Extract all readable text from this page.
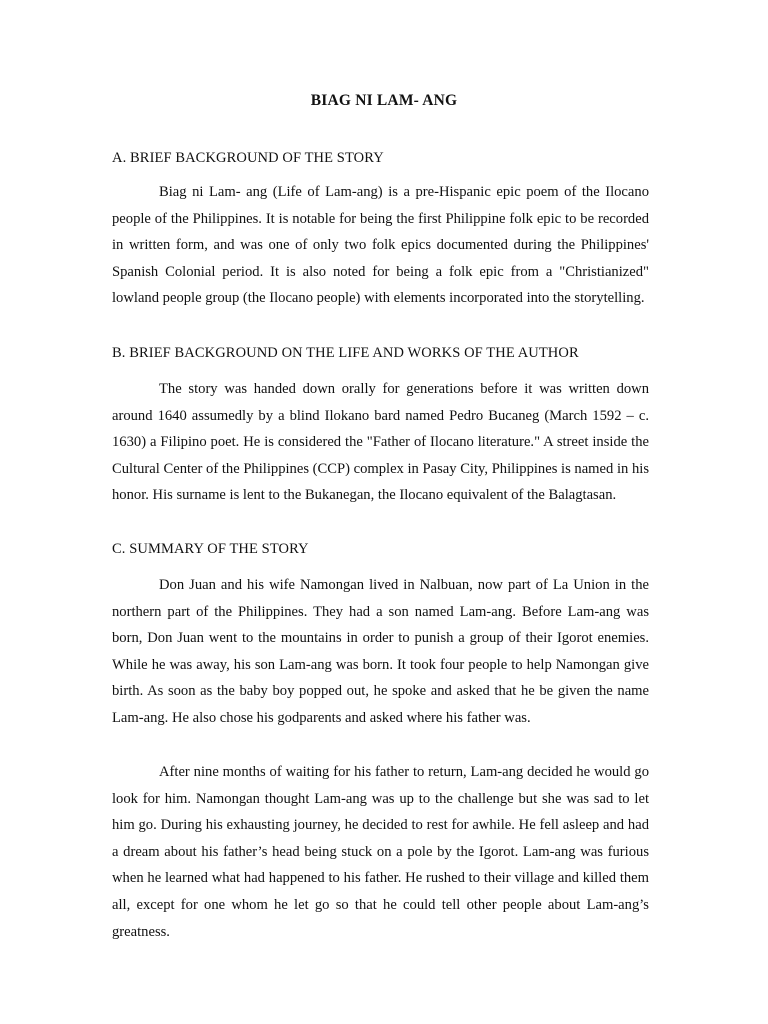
BIAG NI LAM- ANG
A. BRIEF BACKGROUND OF THE STORY

Biag ni Lam- ang (Life of Lam-ang) is a pre-Hispanic epic poem of the Ilocano people of the Philippines. It is notable for being the first Philippine folk epic to be recorded in written form, and was one of only two folk epics documented during the Philippines' Spanish Colonial period. It is also noted for being a folk epic from a "Christianized" lowland people group (the Ilocano people) with elements incorporated into the storytelling.

B. BRIEF BACKGROUND ON THE LIFE AND WORKS OF THE AUTHOR

The story was handed down orally for generations before it was written down around 1640 assumedly by a blind Ilokano bard named Pedro Bucaneg (March 1592 – c. 1630) a Filipino poet. He is considered the "Father of Ilocano literature." A street inside the Cultural Center of the Philippines (CCP) complex in Pasay City, Philippines is named in his honor. His surname is lent to the Bukanegan, the Ilocano equivalent of the Balagtasan.

C. SUMMARY OF THE STORY

Don Juan and his wife Namongan lived in Nalbuan, now part of La Union in the northern part of the Philippines. They had a son named Lam-ang. Before Lam-ang was born, Don Juan went to the mountains in order to punish a group of their Igorot enemies. While he was away, his son Lam-ang was born. It took four people to help Namongan give birth. As soon as the baby boy popped out, he spoke and asked that he be given the name Lam-ang. He also chose his godparents and asked where his father was.

After nine months of waiting for his father to return, Lam-ang decided he would go look for him. Namongan thought Lam-ang was up to the challenge but she was sad to let him go. During his exhausting journey, he decided to rest for awhile. He fell asleep and had a dream about his father’s head being stuck on a pole by the Igorot. Lam-ang was furious when he learned what had happened to his father. He rushed to their village and killed them all, except for one whom he let go so that he could tell other people about Lam-ang’s greatness.
